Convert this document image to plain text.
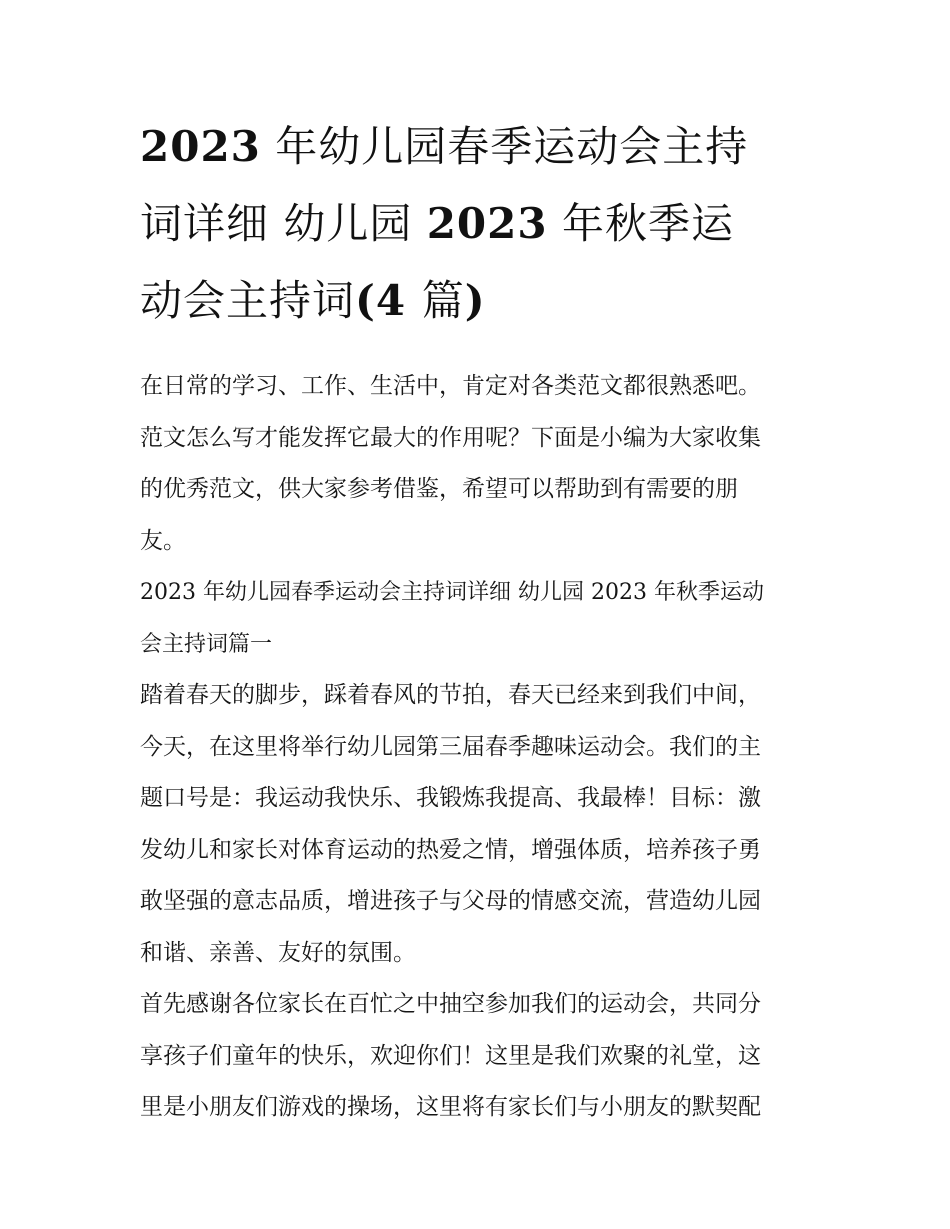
2023 年幼儿园春季运动会主持
词详细 幼儿园 2023 年秋季运
动会主持词(4 篇)

在日常的学习、工作、生活中，肯定对各类范文都很熟悉吧。
范文怎么写才能发挥它最大的作用呢？下面是小编为大家收集
的优秀范文，供大家参考借鉴，希望可以帮助到有需要的朋
友。

2023 年幼儿园春季运动会主持词详细 幼儿园 2023 年秋季运动
会主持词篇一

踏着春天的脚步，踩着春风的节拍，春天已经来到我们中间，
今天，在这里将举行幼儿园第三届春季趣味运动会。我们的主
题口号是：我运动我快乐、我锻炼我提高、我最棒！目标：激
发幼儿和家长对体育运动的热爱之情，增强体质，培养孩子勇
敢坚强的意志品质，增进孩子与父母的情感交流，营造幼儿园
和谐、亲善、友好的氛围。

首先感谢各位家长在百忙之中抽空参加我们的运动会，共同分
享孩子们童年的快乐，欢迎你们！这里是我们欢聚的礼堂，这
里是小朋友们游戏的操场，这里将有家长们与小朋友的默契配
